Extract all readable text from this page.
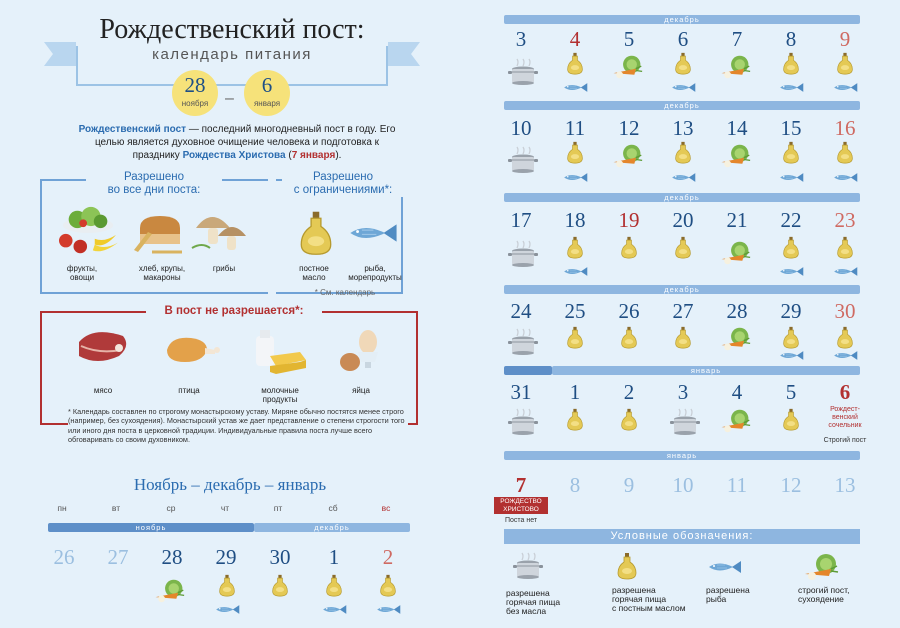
Рождественский пост:
календарь питания
28
ноября	–
6
января
Рождественский пост — последний многодневный пост в году. Его целью является духовное очищение человека и подготовка к празднику Рождества Христова (7 января).
Разрешено
во все дни поста:
фрукты,
овощи
хлеб, крупы,
макароны
грибы
Разрешено
с ограничениями*:
постное
масло
рыба,
морепродукты
* См. календарь
В пост не разрешается*:
мясо	птица	молочные
продукты
яйца
* Календарь составлен по строгому монастырскому уставу. Миряне обычно постятся менее строго (например, без сухоядения). Монастырский устав же дает представление о степени строгости того или иного дня поста в церковной традиции. Индивидуальные правила поста лучше всего обговаривать со своим духовником.
Ноябрь – декабрь – январь
пн	вт	ср	чт	пт	сб	вс
ноябрь	декабрь
26	27	28	29	30	1	2
декабрь
декабрь
декабрь
декабрь
январь
январь
3	4	5	6	7	8	9
10	11	12	13	14	15	16
17	18	19	20	21	22	23
24	25	26	27	28	29	30
31	1	2	3	4	5	6
Рождест-
венский
сочельник
Строгий пост
7	8	9	10	11	12	13
РОЖДЕСТВО
ХРИСТОВО
Поста нет
Условные обозначения:
разрешена
горячая пища
без масла
разрешена
горячая пища
с постным маслом
разрешена
рыба
строгий пост,
сухоядение
